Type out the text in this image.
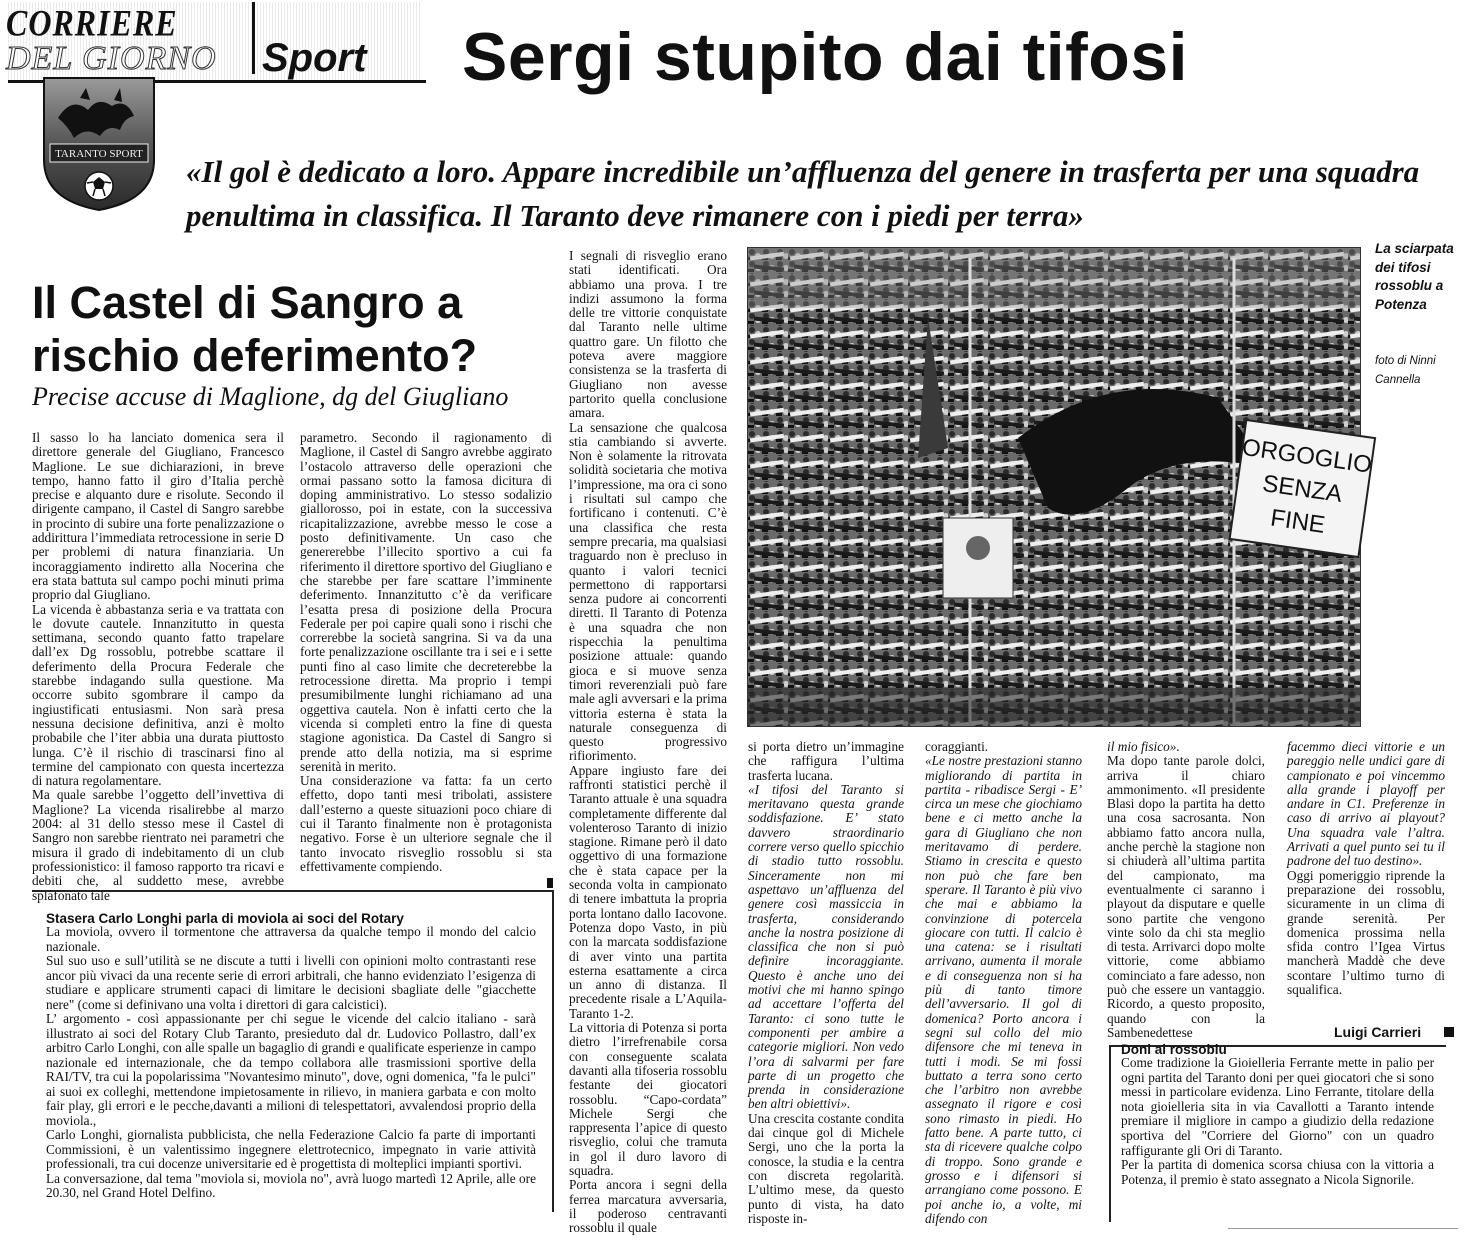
CORRIERE
DEL GIORNO Sport Sergi stupito dai tifosi
TARANTO SPORT «Il gol è dedicato a loro. Appare incredibile un’affluenza del genere in trasferta per una squadra penultima in classifica. Il Taranto deve rimanere con i piedi per terra»
Il Castel di Sangro a rischio deferimento?
Precise accuse di Maglione, dg del Giugliano

Il sasso lo ha lanciato domenica sera il direttore generale del Giugliano, Francesco Maglione. Le sue dichiarazioni, in breve tempo, hanno fatto il giro d’Italia perchè precise e alquanto dure e risolute. Secondo il dirigente campano, il Castel di Sangro sarebbe in procinto di subire una forte penalizzazione o addirittura l’immediata retrocessione in serie D per problemi di natura finanziaria. Un incoraggiamento indiretto alla Nocerina che era stata battuta sul campo pochi minuti prima proprio dal Giugliano.

La vicenda è abbastanza seria e va trattata con le dovute cautele. Innanzitutto in questa settimana, secondo quanto fatto trapelare dall’ex Dg rossoblu, potrebbe scattare il deferimento della Procura Federale che starebbe indagando sulla questione. Ma occorre subito sgombrare il campo da ingiustificati entusiasmi. Non sarà presa nessuna decisione definitiva, anzi è molto probabile che l’iter abbia una durata piuttosto lunga. C’è il rischio di trascinarsi fino al termine del campionato con questa incertezza di natura regolamentare.

Ma quale sarebbe l’oggetto dell’invettiva di Maglione? La vicenda risalirebbe al marzo 2004: al 31 dello stesso mese il Castel di Sangro non sarebbe rientrato nei parametri che misura il grado di indebitamento di un club professionistico: il famoso rapporto tra ricavi e debiti che, al suddetto mese, avrebbe splafonato tale

parametro. Secondo il ragionamento di Maglione, il Castel di Sangro avrebbe aggirato l’ostacolo attraverso delle operazioni che ormai passano sotto la famosa dicitura di doping amministrativo. Lo stesso sodalizio giallorosso, poi in estate, con la successiva ricapitalizzazione, avrebbe messo le cose a posto definitivamente. Un caso che genererebbe l’illecito sportivo a cui fa riferimento il direttore sportivo del Giugliano e che starebbe per fare scattare l’imminente deferimento. Innanzitutto c’è da verificare l’esatta presa di posizione della Procura Federale per poi capire quali sono i rischi che correrebbe la società sangrina. Si va da una forte penalizzazione oscillante tra i sei e i sette punti fino al caso limite che decreterebbe la retrocessione diretta. Ma proprio i tempi presumibilmente lunghi richiamano ad una oggettiva cautela. Non è infatti certo che la vicenda si completi entro la fine di questa stagione agonistica. Da Castel di Sangro si prende atto della notizia, ma si esprime serenità in merito.

Una considerazione va fatta: fa un certo effetto, dopo tanti mesi tribolati, assistere dall’esterno a queste situazioni poco chiare di cui il Taranto finalmente non è protagonista negativo. Forse è un ulteriore segnale che il tanto invocato risveglio rossoblu si sta effettivamente compiendo.

I segnali di risveglio erano stati identificati. Ora abbiamo una prova. I tre indizi assumono la forma delle tre vittorie conquistate dal Taranto nelle ultime quattro gare. Un filotto che poteva avere maggiore consistenza se la trasferta di Giugliano non avesse partorito quella conclusione amara.

La sensazione che qualcosa stia cambiando si avverte. Non è solamente la ritrovata solidità societaria che motiva l’impressione, ma ora ci sono i risultati sul campo che fortificano i contenuti. C’è una classifica che resta sempre precaria, ma qualsiasi traguardo non è precluso in quanto i valori tecnici permettono di rapportarsi senza pudore ai concorrenti diretti. Il Taranto di Potenza è una squadra che non rispecchia la penultima posizione attuale: quando gioca e si muove senza timori reverenziali può fare male agli avversari e la prima vittoria esterna è stata la naturale conseguenza di questo progressivo rifiorimento.

Appare ingiusto fare dei raffronti statistici perchè il Taranto attuale è una squadra completamente differente dal volenteroso Taranto di inizio stagione. Rimane però il dato oggettivo di una formazione che è stata capace per la seconda volta in campionato di tenere imbattuta la propria porta lontano dallo Iacovone. Potenza dopo Vasto, in più con la marcata soddisfazione di aver vinto una partita esterna esattamente a circa un anno di distanza. Il precedente risale a L’Aquila-Taranto 1-2.

La vittoria di Potenza si porta dietro l’irrefrenabile corsa con conseguente scalata davanti alla tifoseria rossoblu festante dei giocatori rossoblu. “Capo-cordata” Michele Sergi che rappresenta l’apice di questo risveglio, colui che tramuta in gol il duro lavoro di squadra.

Porta ancora i segni della ferrea marcatura avversaria, il poderoso centravanti rossoblu il quale

ORGOGLIO
SENZA
FINE
La sciarpata dei tifosi rossoblu a Potenza
foto di Ninni Cannella

si porta dietro un’immagine che raffigura l’ultima trasferta lucana.

«I tifosi del Taranto si meritavano questa grande soddisfazione. E’ stato davvero straordinario correre verso quello spicchio di stadio tutto rossoblu. Sinceramente non mi aspettavo un’affluenza del genere così massiccia in trasferta, considerando anche la nostra posizione di classifica che non si può definire incoraggiante. Questo è anche uno dei motivi che mi hanno spingo ad accettare l’offerta del Taranto: ci sono tutte le componenti per ambire a categorie migliori. Non vedo l’ora di salvarmi per fare parte di un progetto che prenda in considerazione ben altri obiettivi».

Una crescita costante condita dai cinque gol di Michele Sergi, uno che la porta la conosce, la studia e la centra con discreta regolarità. L’ultimo mese, da questo punto di vista, ha dato risposte in-

coraggianti.

«Le nostre prestazioni stanno migliorando di partita in partita - ribadisce Sergi - E’ circa un mese che giochiamo bene e ci metto anche la gara di Giugliano che non meritavamo di perdere. Stiamo in crescita e questo non può che fare ben sperare. Il Taranto è più vivo che mai e abbiamo la convinzione di potercela giocare con tutti. Il calcio è una catena: se i risultati arrivano, aumenta il morale e di conseguenza non si ha più di tanto timore dell’avversario. Il gol di domenica? Porto ancora i segni sul collo del mio difensore che mi teneva in tutti i modi. Se mi fossi buttato a terra sono certo che l’arbitro non avrebbe assegnato il rigore e così sono rimasto in piedi. Ho fatto bene. A parte tutto, ci sta di ricevere qualche colpo di troppo. Sono grande e grosso e i difensori si arrangiano come possono. E poi anche io, a volte, mi difendo con

il mio fisico».

Ma dopo tante parole dolci, arriva il chiaro ammonimento. «Il presidente Blasi dopo la partita ha detto una cosa sacrosanta. Non abbiamo fatto ancora nulla, anche perchè la stagione non si chiuderà all’ultima partita del campionato, ma eventualmente ci saranno i playout da disputare e quelle sono partite che vengono vinte solo da chi sta meglio di testa. Arrivarci dopo molte vittorie, come abbiamo cominciato a fare adesso, non può che essere un vantaggio. Ricordo, a questo proposito, quando con la Sambenedettese

facemmo dieci vittorie e un pareggio nelle undici gare di campionato e poi vincemmo alla grande i playoff per andare in C1. Preferenze in caso di arrivo ai playout? Una squadra vale l’altra. Arrivati a quel punto sei tu il padrone del tuo destino».

Oggi pomeriggio riprende la preparazione dei rossoblu, sicuramente in un clima di grande serenità. Per domenica prossima nella sfida contro l’Igea Virtus mancherà Maddè che deve scontare l’ultimo turno di squalifica.

Luigi Carrieri
Stasera Carlo Longhi parla di moviola ai soci del Rotary

La moviola, ovvero il tormentone che attraversa da qualche tempo il mondo del calcio nazionale.

Sul suo uso e sull’utilità se ne discute a tutti i livelli con opinioni molto contrastanti rese ancor più vivaci da una recente serie di errori arbitrali, che hanno evidenziato l’esigenza di studiare e applicare strumenti capaci di limitare le decisioni sbagliate delle "giacchette nere" (come si definivano una volta i direttori di gara calcistici).

L’ argomento - così appassionante per chi segue le vicende del calcio italiano - sarà illustrato ai soci del Rotary Club Taranto, presieduto dal dr. Ludovico Pollastro, dall’ex arbitro Carlo Longhi, con alle spalle un bagaglio di grandi e qualificate esperienze in campo nazionale ed internazionale, che da tempo collabora alle trasmissioni sportive della RAI/TV, tra cui la popolarissima "Novantesimo minuto", dove, ogni domenica, "fa le pulci" ai suoi ex colleghi, mettendone impietosamente in rilievo, in maniera garbata e con molto fair play, gli errori e le pecche,davanti a milioni di telespettatori, avvalendosi proprio della moviola.,

Carlo Longhi, giornalista pubblicista, che nella Federazione Calcio fa parte di importanti Commissioni, è un valentissimo ingegnere elettrotecnico, impegnato in varie attività professionali, tra cui docenze universitarie ed è progettista di molteplici impianti sportivi.

La conversazione, dal tema "moviola si, moviola no", avrà luogo martedì 12 Aprile, alle ore 20.30, nel Grand Hotel Delfino.

Doni ai rossoblu

Come tradizione la Gioielleria Ferrante mette in palio per ogni partita del Taranto doni per quei giocatori che si sono messi in particolare evidenza. Lino Ferrante, titolare della nota gioielleria sita in via Cavallotti a Taranto intende premiare il migliore in campo a giudizio della redazione sportiva del "Corriere del Giorno" con un quadro raffigurante gli Ori di Taranto.

Per la partita di domenica scorsa chiusa con la vittoria a Potenza, il premio è stato assegnato a Nicola Signorile.
